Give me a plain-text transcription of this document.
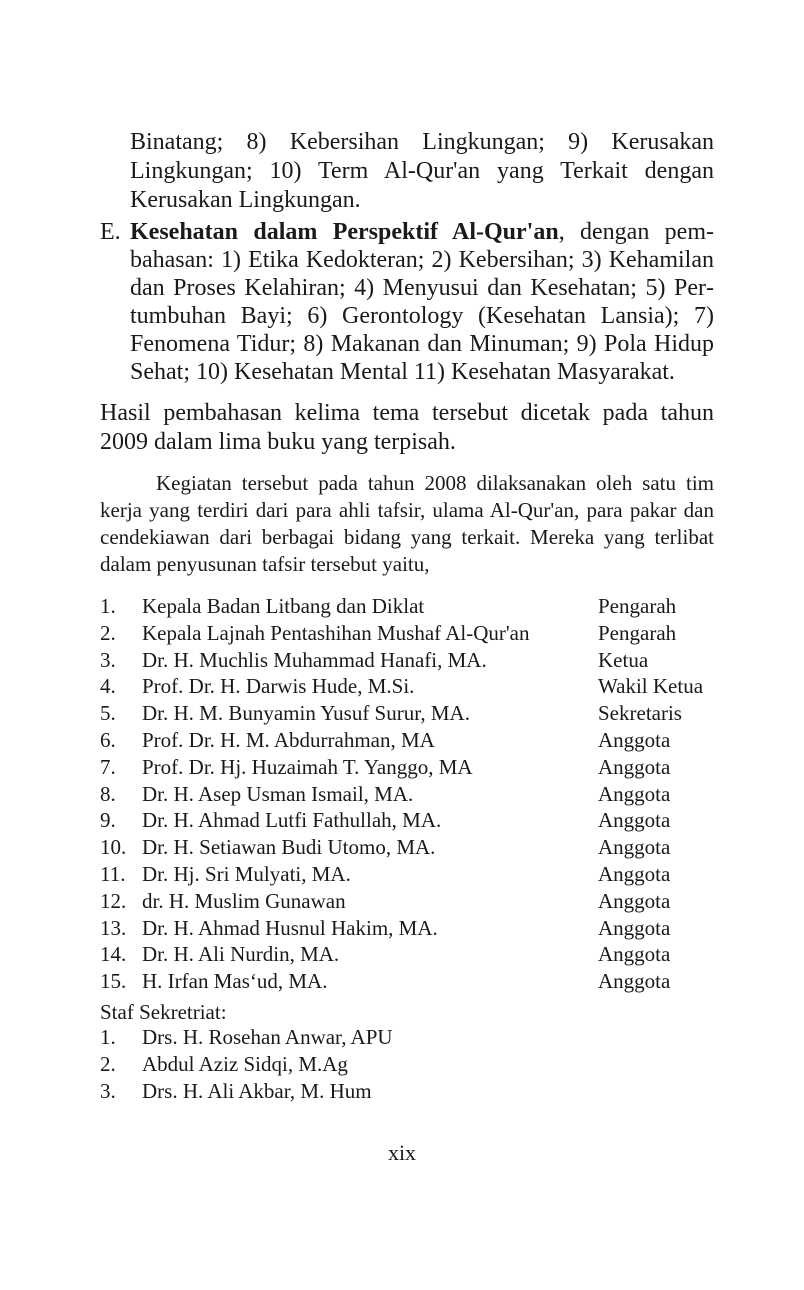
Binatang; 8) Kebersihan Lingkungan; 9) Kerusakan Lingkungan; 10) Term Al-Qur'an yang Terkait dengan Kerusakan Lingkungan.
E. Kesehatan dalam Perspektif Al-Qur'an, dengan pembahasan: 1) Etika Kedokteran; 2) Kebersihan; 3) Kehamilan dan Proses Kelahiran; 4) Menyusui dan Kesehatan; 5) Pertumbuhan Bayi; 6) Gerontology (Kesehatan Lansia); 7) Fenomena Tidur; 8) Makanan dan Minuman; 9) Pola Hidup Sehat; 10) Kesehatan Mental 11) Kesehatan Masyarakat.
Hasil pembahasan kelima tema tersebut dicetak pada tahun 2009 dalam lima buku yang terpisah.
Kegiatan tersebut pada tahun 2008 dilaksanakan oleh satu tim kerja yang terdiri dari para ahli tafsir, ulama Al-Qur'an, para pakar dan cendekiawan dari berbagai bidang yang terkait. Mereka yang terlibat dalam penyusunan tafsir tersebut yaitu,
1. Kepala Badan Litbang dan Diklat	Pengarah
2. Kepala Lajnah Pentashihan Mushaf Al-Qur'an	Pengarah
3. Dr. H. Muchlis Muhammad Hanafi, MA.	Ketua
4. Prof. Dr. H. Darwis Hude, M.Si.	Wakil Ketua
5. Dr. H. M. Bunyamin Yusuf Surur, MA.	Sekretaris
6. Prof. Dr. H. M. Abdurrahman, MA	Anggota
7. Prof. Dr. Hj. Huzaimah T. Yanggo, MA	Anggota
8. Dr. H. Asep Usman Ismail, MA.	Anggota
9. Dr. H. Ahmad Lutfi Fathullah, MA.	Anggota
10. Dr. H. Setiawan Budi Utomo, MA.	Anggota
11. Dr. Hj. Sri Mulyati, MA.	Anggota
12. dr. H. Muslim Gunawan	Anggota
13. Dr. H. Ahmad Husnul Hakim, MA.	Anggota
14. Dr. H. Ali Nurdin, MA.	Anggota
15. H. Irfan Mas‘ud, MA.	Anggota
Staf Sekretriat:
1. Drs. H. Rosehan Anwar, APU
2. Abdul Aziz Sidqi, M.Ag
3. Drs. H. Ali Akbar, M. Hum
xix
